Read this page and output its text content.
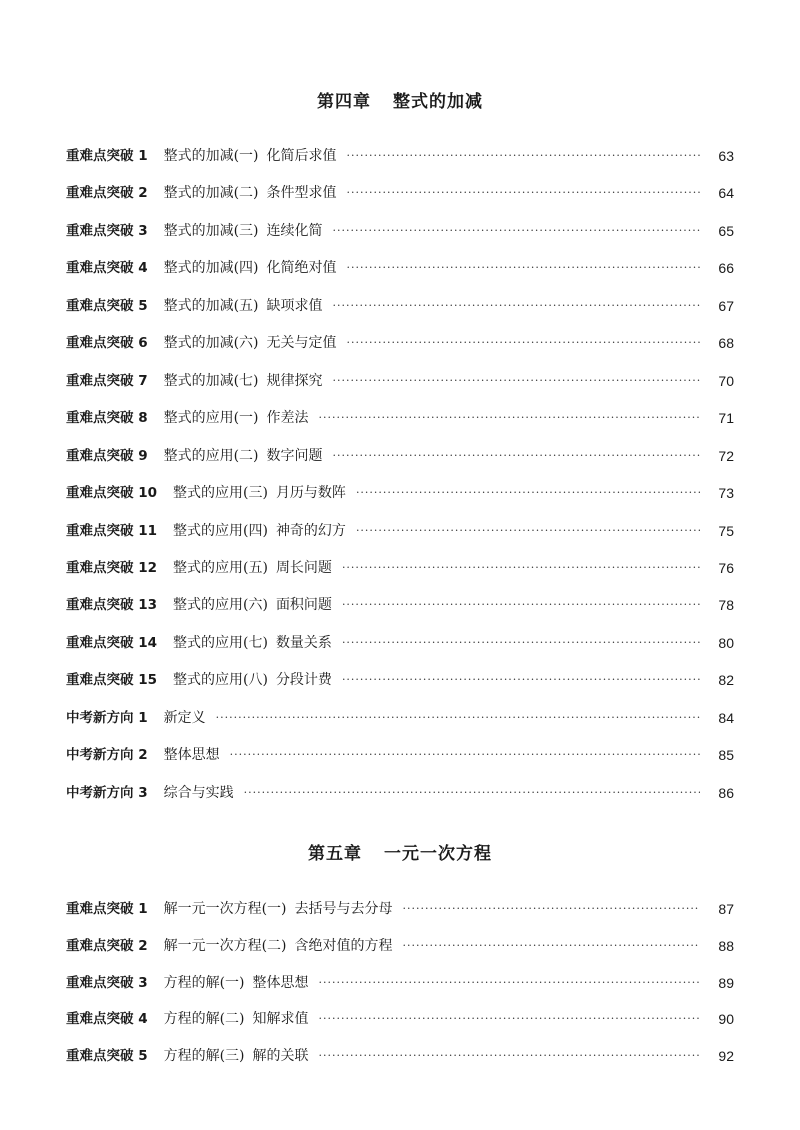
第四章 整式的加减
重难点突破 1 整式的加减(一) 化简后求值 ·····	63
重难点突破 2 整式的加减(二) 条件型求值 ·····	64
重难点突破 3 整式的加减(三) 连续化简 ·····	65
重难点突破 4 整式的加减(四) 化简绝对值 ·····	66
重难点突破 5 整式的加减(五) 缺项求值 ·····	67
重难点突破 6 整式的加减(六) 无关与定值 ·····	68
重难点突破 7 整式的加减(七) 规律探究 ·····	70
重难点突破 8 整式的应用(一) 作差法 ·····	71
重难点突破 9 整式的应用(二) 数字问题 ·····	72
重难点突破 10 整式的应用(三) 月历与数阵 ·····	73
重难点突破 11 整式的应用(四) 神奇的幻方 ·····	75
重难点突破 12 整式的应用(五) 周长问题 ·····	76
重难点突破 13 整式的应用(六) 面积问题 ·····	78
重难点突破 14 整式的应用(七) 数量关系 ·····	80
重难点突破 15 整式的应用(八) 分段计费 ·····	82
中考新方向 1 新定义 ·····	84
中考新方向 2 整体思想 ·····	85
中考新方向 3 综合与实践 ·····	86
第五章 一元一次方程
重难点突破 1 解一元一次方程(一) 去括号与去分母 ·····	87
重难点突破 2 解一元一次方程(二) 含绝对值的方程 ·····	88
重难点突破 3 方程的解(一) 整体思想 ·····	89
重难点突破 4 方程的解(二) 知解求值 ·····	90
重难点突破 5 方程的解(三) 解的关联 ·····	92
